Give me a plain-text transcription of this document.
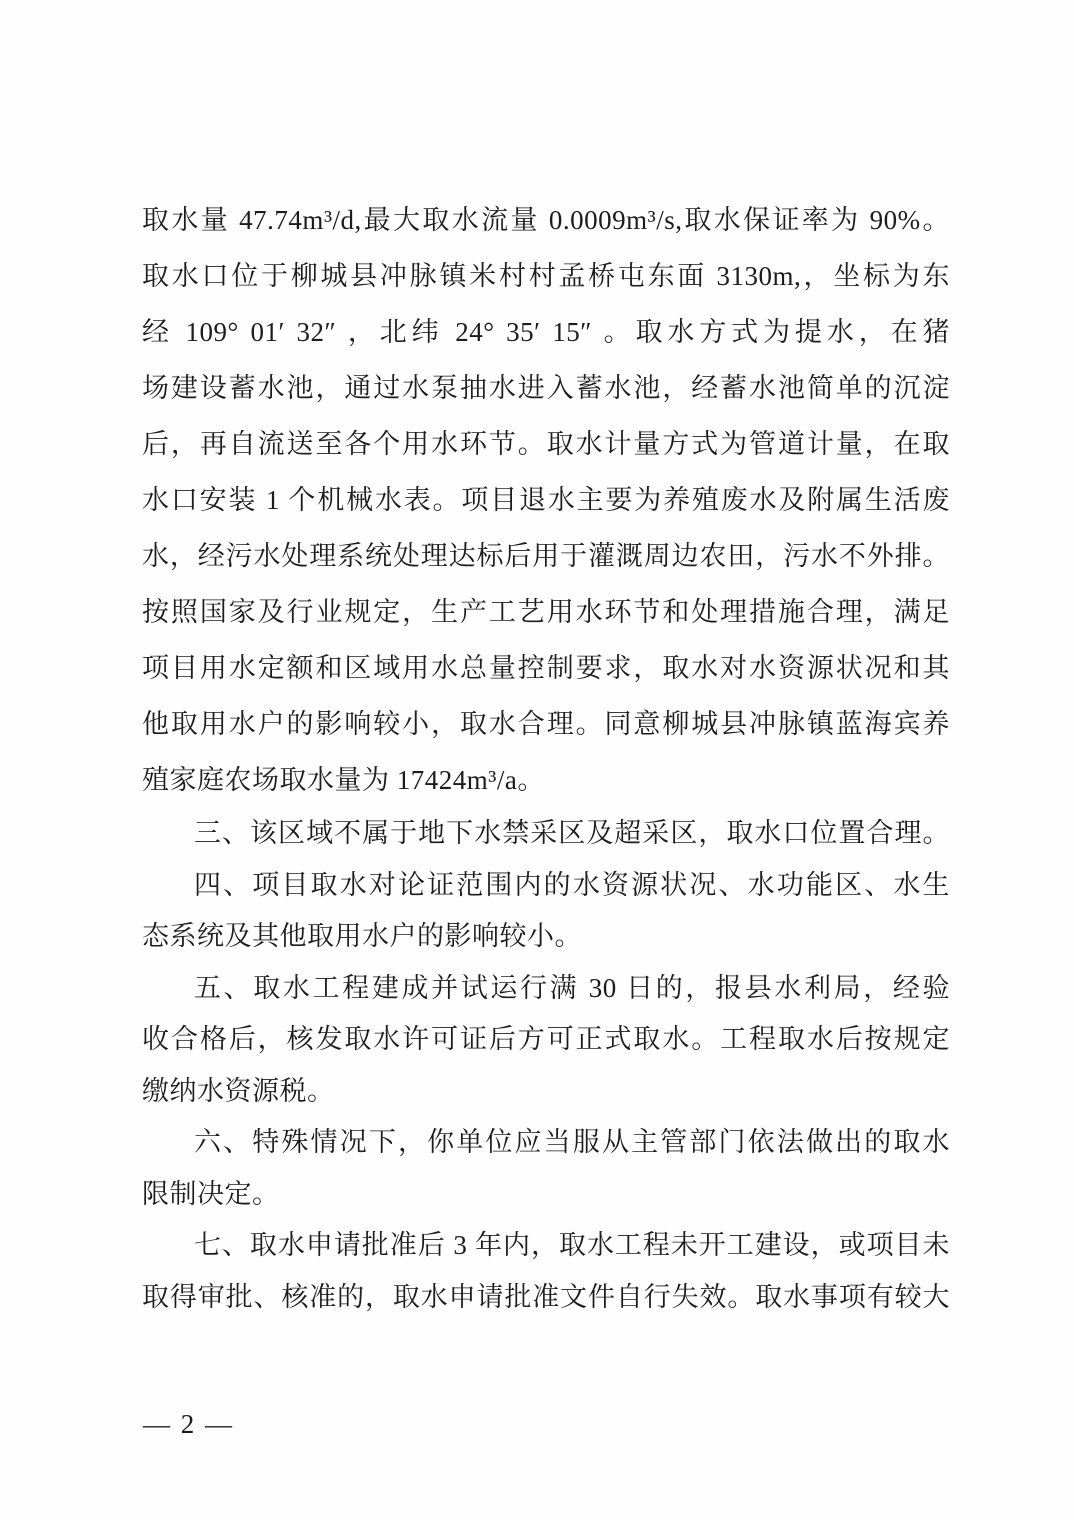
取水量 47.74m³/d,最大取水流量 0.0009m³/s,取水保证率为 90%。
取水口位于柳城县冲脉镇米村村孟桥屯东面 3130m,，坐标为东
经 109° 01′ 32″ ，北纬 24° 35′ 15″ 。取水方式为提水，在猪
场建设蓄水池，通过水泵抽水进入蓄水池，经蓄水池简单的沉淀
后，再自流送至各个用水环节。取水计量方式为管道计量，在取
水口安装 1 个机械水表。项目退水主要为养殖废水及附属生活废
水，经污水处理系统处理达标后用于灌溉周边农田，污水不外排。
按照国家及行业规定，生产工艺用水环节和处理措施合理，满足
项目用水定额和区域用水总量控制要求，取水对水资源状况和其
他取用水户的影响较小，取水合理。同意柳城县冲脉镇蓝海宾养
殖家庭农场取水量为 17424m³/a。
三、该区域不属于地下水禁采区及超采区，取水口位置合理。
四、项目取水对论证范围内的水资源状况、水功能区、水生
态系统及其他取用水户的影响较小。
五、取水工程建成并试运行满 30 日的，报县水利局，经验
收合格后，核发取水许可证后方可正式取水。工程取水后按规定
缴纳水资源税。
六、特殊情况下，你单位应当服从主管部门依法做出的取水
限制决定。
七、取水申请批准后 3 年内，取水工程未开工建设，或项目未
取得审批、核准的，取水申请批准文件自行失效。取水事项有较大
— 2 —
